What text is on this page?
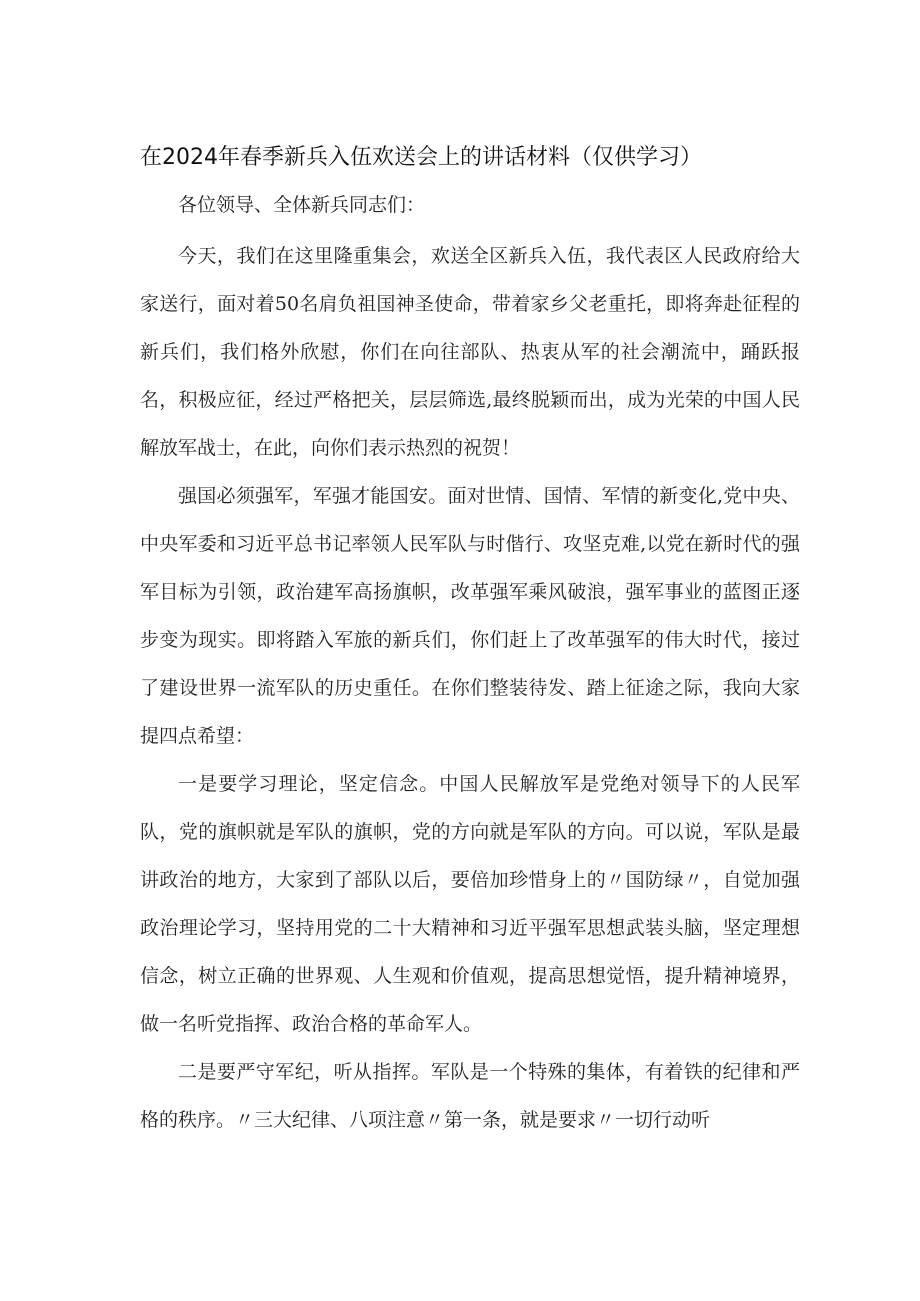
在2024年春季新兵入伍欢送会上的讲话材料（仅供学习）

各位领导、全体新兵同志们：

今天，我们在这里隆重集会，欢送全区新兵入伍，我代表区人民政府给大家送行，面对着50名肩负祖国神圣使命，带着家乡父老重托，即将奔赴征程的新兵们，我们格外欣慰，你们在向往部队、热衷从军的社会潮流中，踊跃报名，积极应征，经过严格把关，层层筛选,最终脱颖而出，成为光荣的中国人民解放军战士，在此，向你们表示热烈的祝贺！

强国必须强军，军强才能国安。面对世情、国情、军情的新变化,党中央、中央军委和习近平总书记率领人民军队与时偕行、攻坚克难,以党在新时代的强军目标为引领，政治建军高扬旗帜，改革强军乘风破浪，强军事业的蓝图正逐步变为现实。即将踏入军旅的新兵们，你们赶上了改革强军的伟大时代，接过了建设世界一流军队的历史重任。在你们整装待发、踏上征途之际，我向大家提四点希望：

一是要学习理论，坚定信念。中国人民解放军是党绝对领导下的人民军队，党的旗帜就是军队的旗帜，党的方向就是军队的方向。可以说，军队是最讲政治的地方，大家到了部队以后，要倍加珍惜身上的〃国防绿〃，自觉加强政治理论学习，坚持用党的二十大精神和习近平强军思想武装头脑，坚定理想信念，树立正确的世界观、人生观和价值观，提高思想觉悟，提升精神境界，做一名听党指挥、政治合格的革命军人。

二是要严守军纪，听从指挥。军队是一个特殊的集体，有着铁的纪律和严格的秩序。〃三大纪律、八项注意〃第一条，就是要求〃一切行动听
